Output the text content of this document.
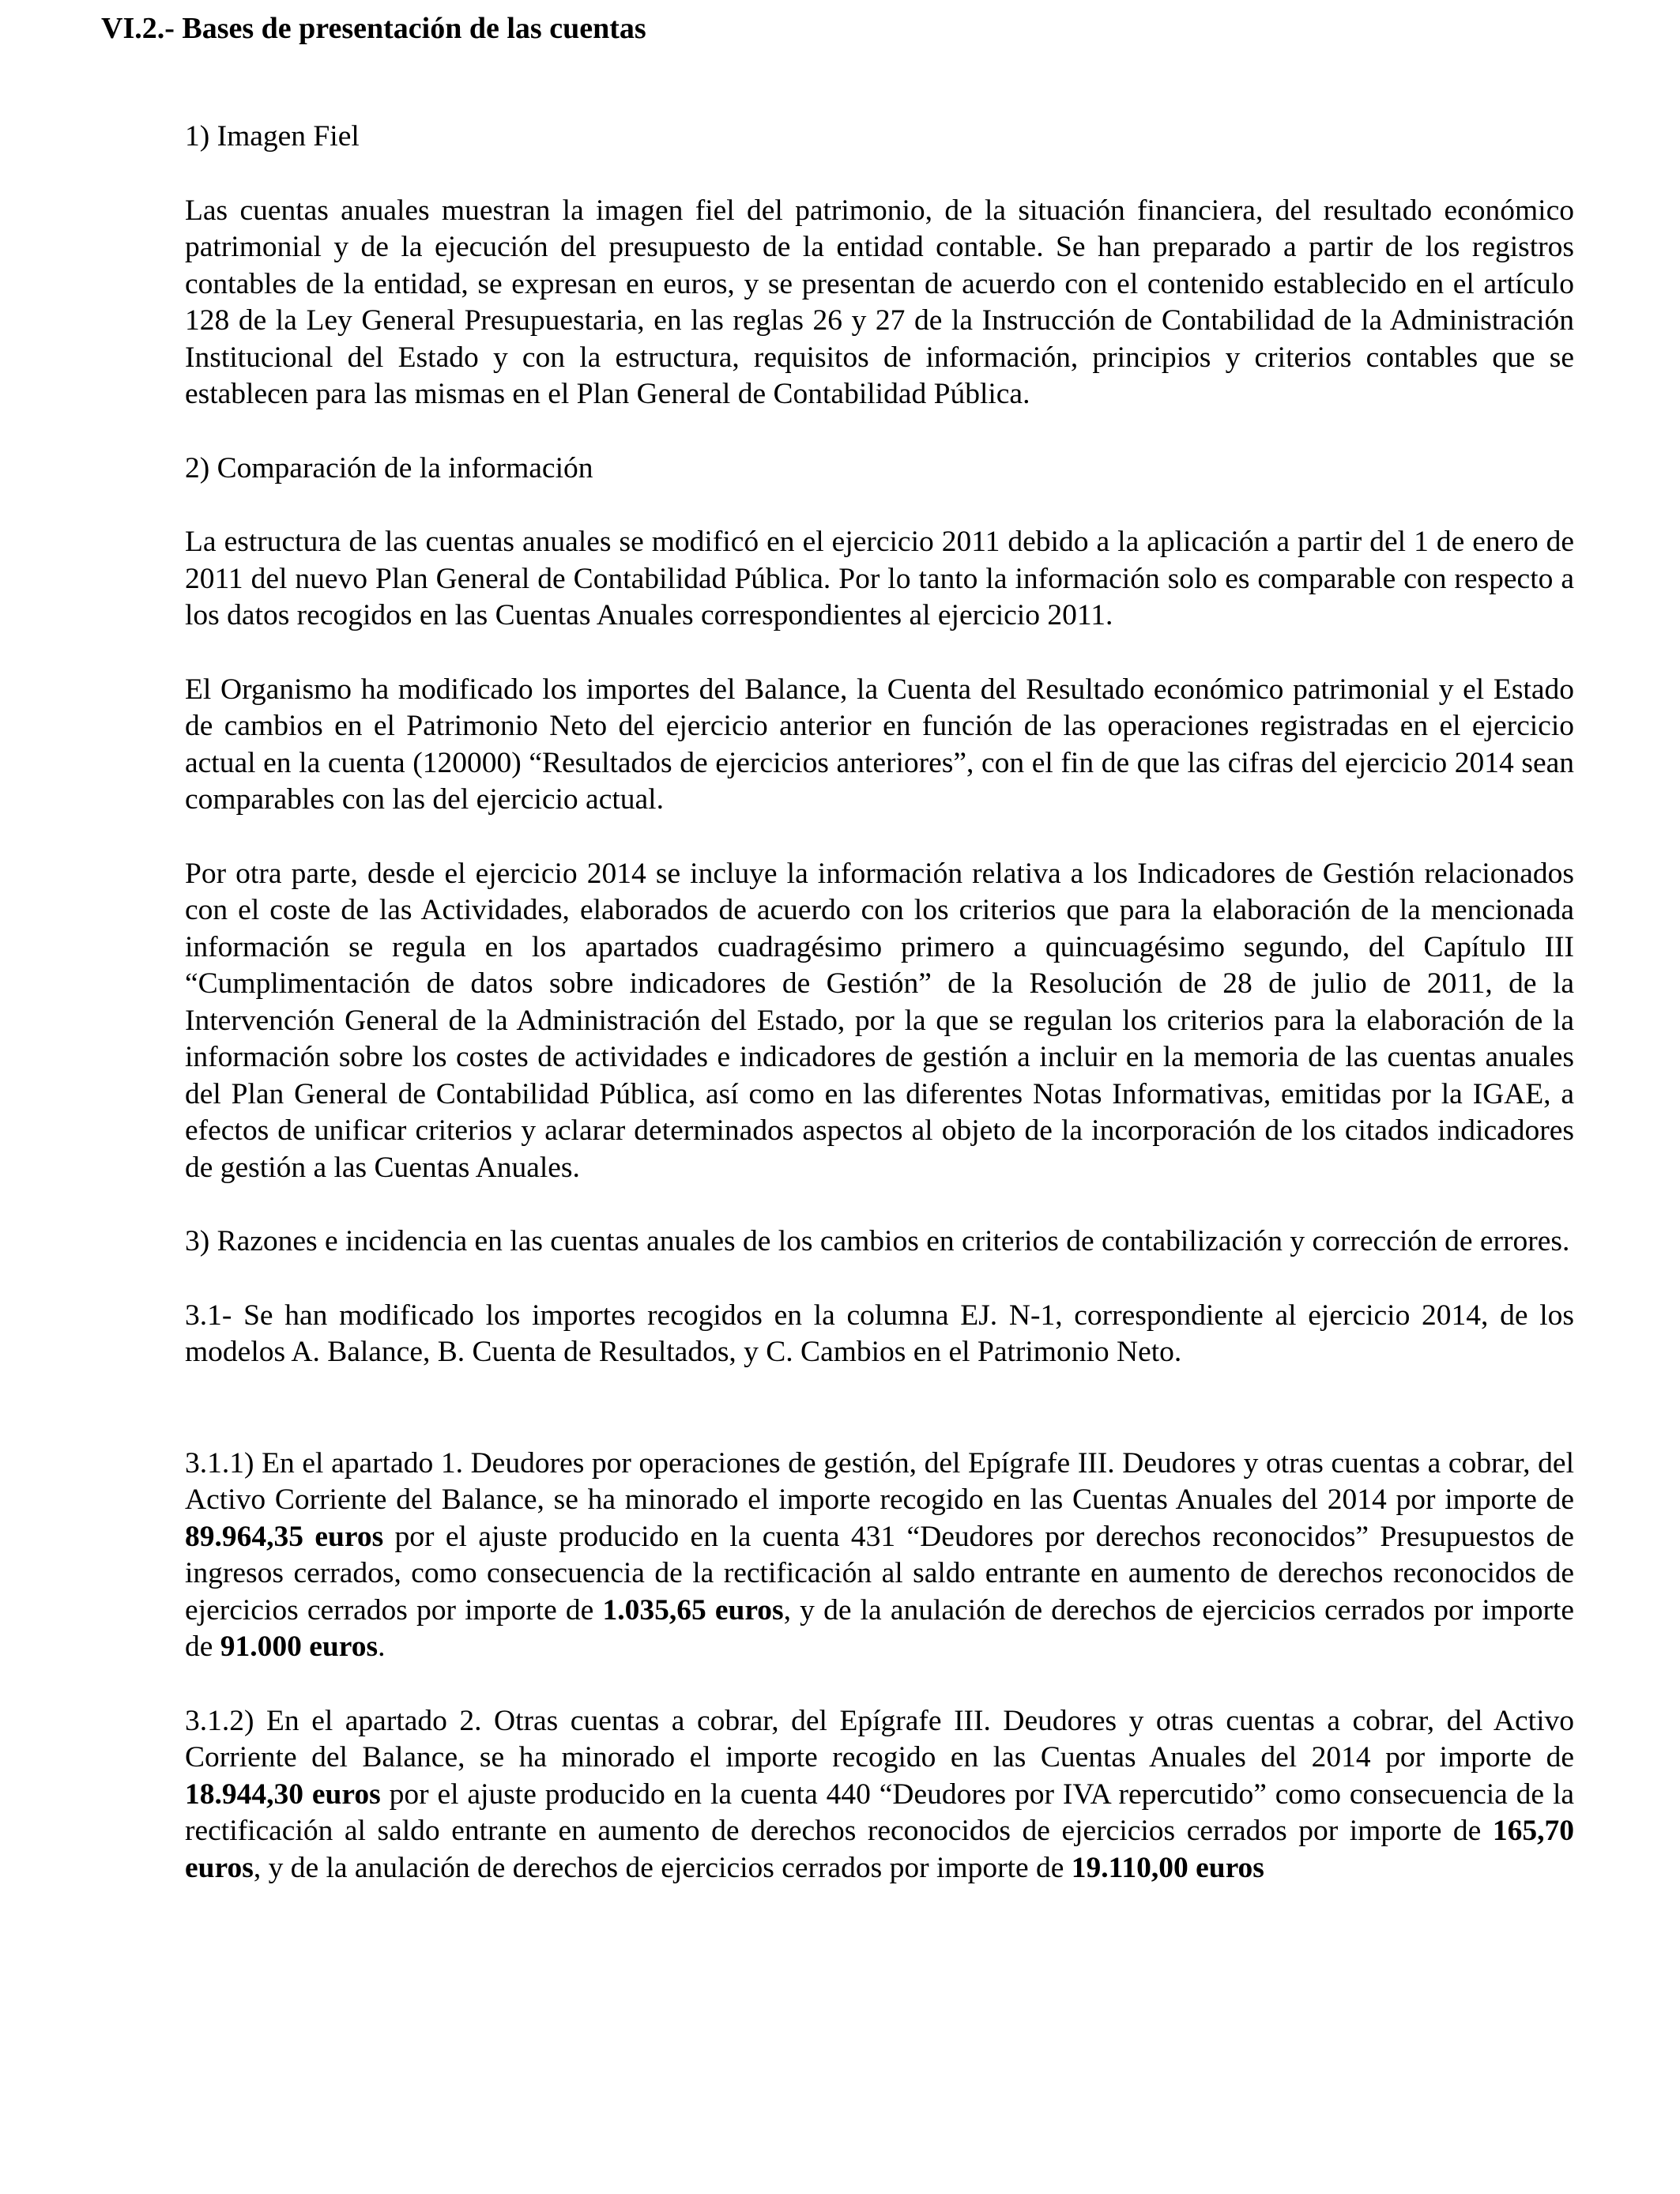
VI.2.- Bases de presentación de las cuentas

1) Imagen Fiel

Las cuentas anuales muestran la imagen fiel del patrimonio, de la situación financiera, del resultado económico patrimonial y de la ejecución del presupuesto de la entidad contable. Se han preparado a partir de los registros contables de la entidad, se expresan en euros, y se presentan de acuerdo con el contenido establecido en el artículo 128 de la Ley General Presupuestaria, en las reglas 26 y 27 de la Instrucción de Contabilidad de la Administración Institucional del Estado y con la estructura, requisitos de información, principios y criterios contables que se establecen para las mismas en el Plan General de Contabilidad Pública.

2) Comparación de la información

La estructura de las cuentas anuales se modificó en el ejercicio 2011 debido a la aplicación a partir del 1 de enero de 2011 del nuevo Plan General de Contabilidad Pública. Por lo tanto la información solo es comparable con respecto a los datos recogidos en las Cuentas Anuales correspondientes al ejercicio 2011.

El Organismo ha modificado los importes del Balance, la Cuenta del Resultado económico patrimonial y el Estado de cambios en el Patrimonio Neto del ejercicio anterior en función de las operaciones registradas en el ejercicio actual en la cuenta (120000) “Resultados de ejercicios anteriores”, con el fin de que las cifras del ejercicio 2014 sean comparables con las del ejercicio actual.

Por otra parte, desde el ejercicio 2014 se incluye la información relativa a los Indicadores de Gestión relacionados con el coste de las Actividades, elaborados de acuerdo con los criterios que para la elaboración de la mencionada información se regula en los apartados cuadragésimo primero a quincuagésimo segundo, del Capítulo III “Cumplimentación de datos sobre indicadores de Gestión” de la Resolución de 28 de julio de 2011, de la Intervención General de la Administración del Estado, por la que se regulan los criterios para la elaboración de la información sobre los costes de actividades e indicadores de gestión a incluir en la memoria de las cuentas anuales del Plan General de Contabilidad Pública, así como en las diferentes Notas Informativas, emitidas por la IGAE, a efectos de unificar criterios y aclarar determinados aspectos al objeto de la incorporación de los citados indicadores de gestión a las Cuentas Anuales.

3) Razones e incidencia en las cuentas anuales de los cambios en criterios de contabilización y corrección de errores.

3.1- Se han modificado los importes recogidos en la columna EJ. N-1, correspondiente al ejercicio 2014, de los modelos A. Balance, B. Cuenta de Resultados, y C. Cambios en el Patrimonio Neto.

3.1.1) En el apartado 1. Deudores por operaciones de gestión, del Epígrafe III. Deudores y otras cuentas a cobrar, del Activo Corriente del Balance, se ha minorado el importe recogido en las Cuentas Anuales del 2014 por importe de 89.964,35 euros por el ajuste producido en la cuenta 431 “Deudores por derechos reconocidos” Presupuestos de ingresos cerrados, como consecuencia de la rectificación al saldo entrante en aumento de derechos reconocidos de ejercicios cerrados por importe de 1.035,65 euros, y de la anulación de derechos de ejercicios cerrados por importe de 91.000 euros.

3.1.2) En el apartado 2. Otras cuentas a cobrar, del Epígrafe III. Deudores y otras cuentas a cobrar, del Activo Corriente del Balance, se ha minorado el importe recogido en las Cuentas Anuales del 2014 por importe de 18.944,30 euros por el ajuste producido en la cuenta 440 “Deudores por IVA repercutido” como consecuencia de la rectificación al saldo entrante en aumento de derechos reconocidos de ejercicios cerrados por importe de 165,70 euros, y de la anulación de derechos de ejercicios cerrados por importe de 19.110,00 euros
